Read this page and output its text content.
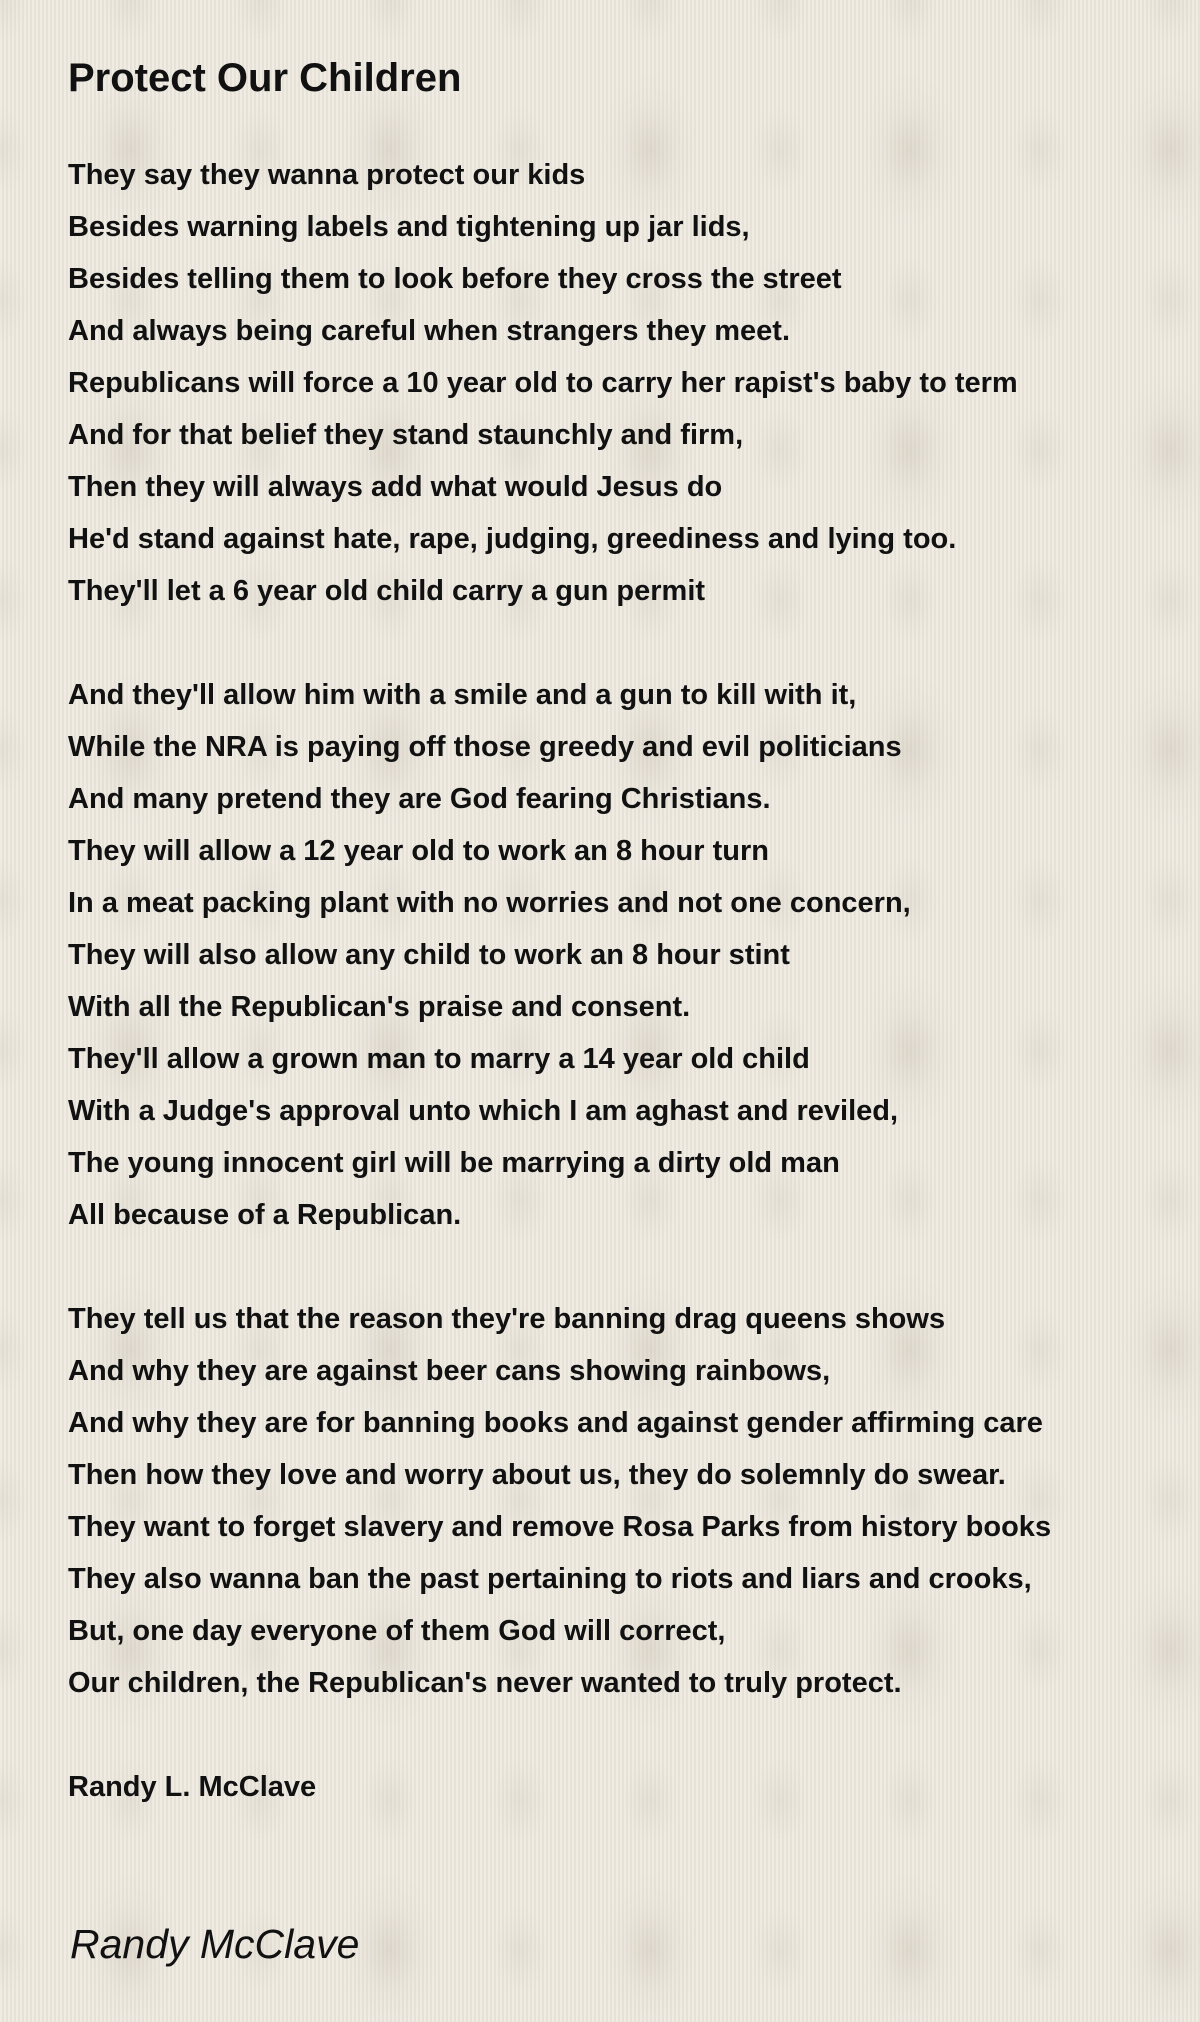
Protect Our Children
They say they wanna protect our kids
Besides warning labels and tightening up jar lids,
Besides telling them to look before they cross the street
And always being careful when strangers they meet.
Republicans will force a 10 year old to carry her rapist's baby to term
And for that belief they stand staunchly and firm,
Then they will always add what would Jesus do
He'd stand against hate, rape, judging, greediness and lying too.
They'll let a 6 year old child carry a gun permit
And they'll allow him with a smile and a gun to kill with it,
While the NRA is paying off those greedy and evil politicians
And many pretend they are God fearing Christians.
They will allow a 12 year old to work an 8 hour turn
In a meat packing plant with no worries and not one concern,
They will also allow any child to work an 8 hour stint
With all the Republican's praise and consent.
They'll allow a grown man to marry a 14 year old child
With a Judge's approval unto which I am aghast and reviled,
The young innocent girl will be marrying a dirty old man
All because of a Republican.
They tell us that the reason they're banning drag queens shows
And why they are against beer cans showing rainbows,
And why they are for banning books and against gender affirming care
Then how they love and worry about us, they do solemnly do swear.
They want to forget slavery and remove Rosa Parks from history books
They also wanna ban the past pertaining to riots and liars and crooks,
But, one day everyone of them God will correct,
Our children, the Republican's never wanted to truly protect.
Randy L. McClave

Randy McClave
